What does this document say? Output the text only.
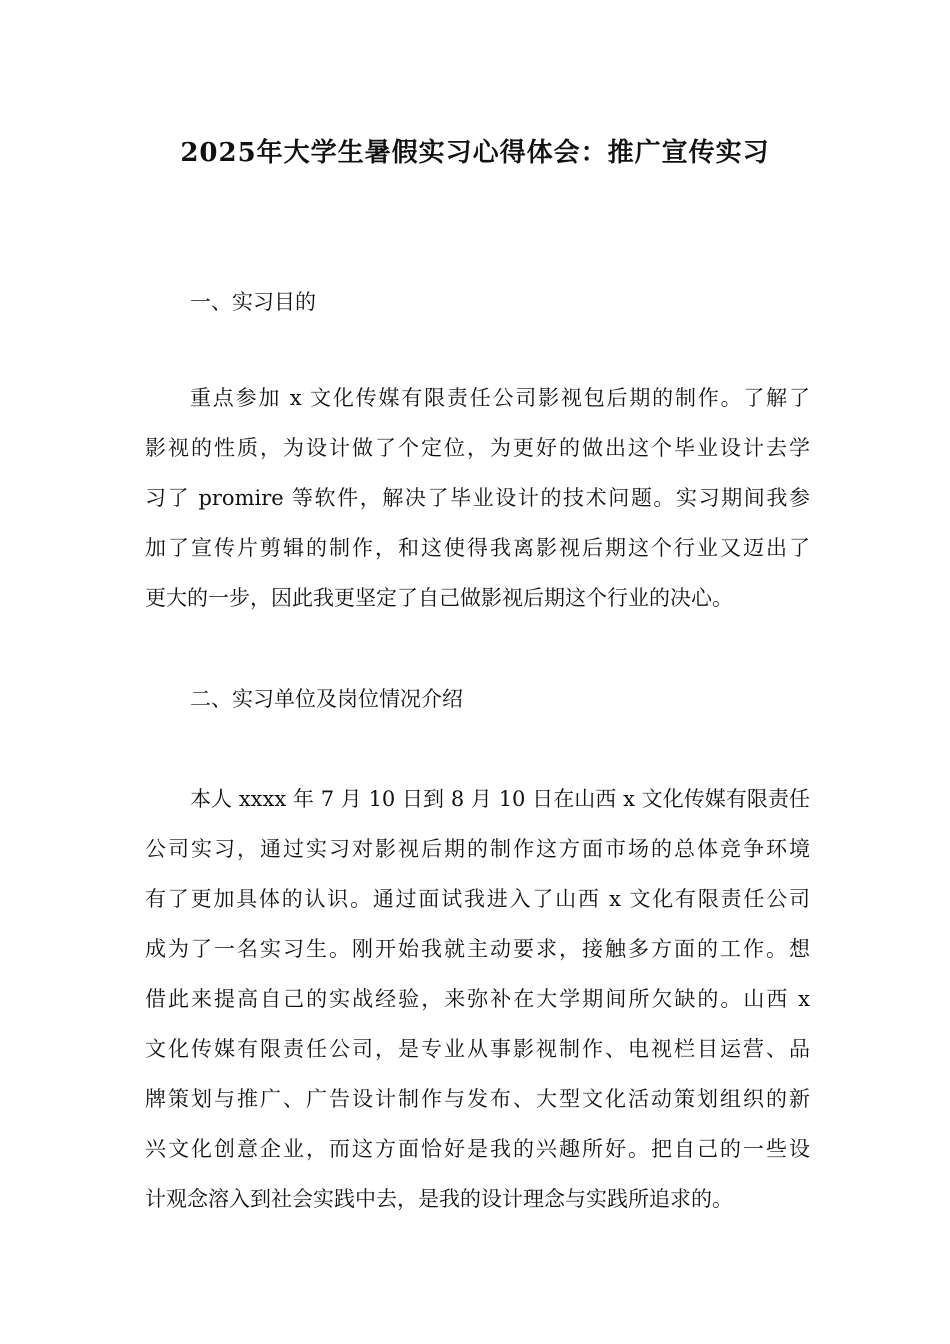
2025年大学生暑假实习心得体会：推广宣传实习
一、实习目的
重点参加 x 文化传媒有限责任公司影视包后期的制作。了解了
影视的性质，为设计做了个定位，为更好的做出这个毕业设计去学
习了 promire 等软件，解决了毕业设计的技术问题。实习期间我参
加了宣传片剪辑的制作，和这使得我离影视后期这个行业又迈出了
更大的一步，因此我更坚定了自己做影视后期这个行业的决心。
二、实习单位及岗位情况介绍
本人 xxxx 年 7 月 10 日到 8 月 10 日在山西 x 文化传媒有限责任
公司实习，通过实习对影视后期的制作这方面市场的总体竞争环境
有了更加具体的认识。通过面试我进入了山西 x 文化有限责任公司
成为了一名实习生。刚开始我就主动要求，接触多方面的工作。想
借此来提高自己的实战经验，来弥补在大学期间所欠缺的。山西 x
文化传媒有限责任公司，是专业从事影视制作、电视栏目运营、品
牌策划与推广、广告设计制作与发布、大型文化活动策划组织的新
兴文化创意企业，而这方面恰好是我的兴趣所好。把自己的一些设
计观念溶入到社会实践中去，是我的设计理念与实践所追求的。
